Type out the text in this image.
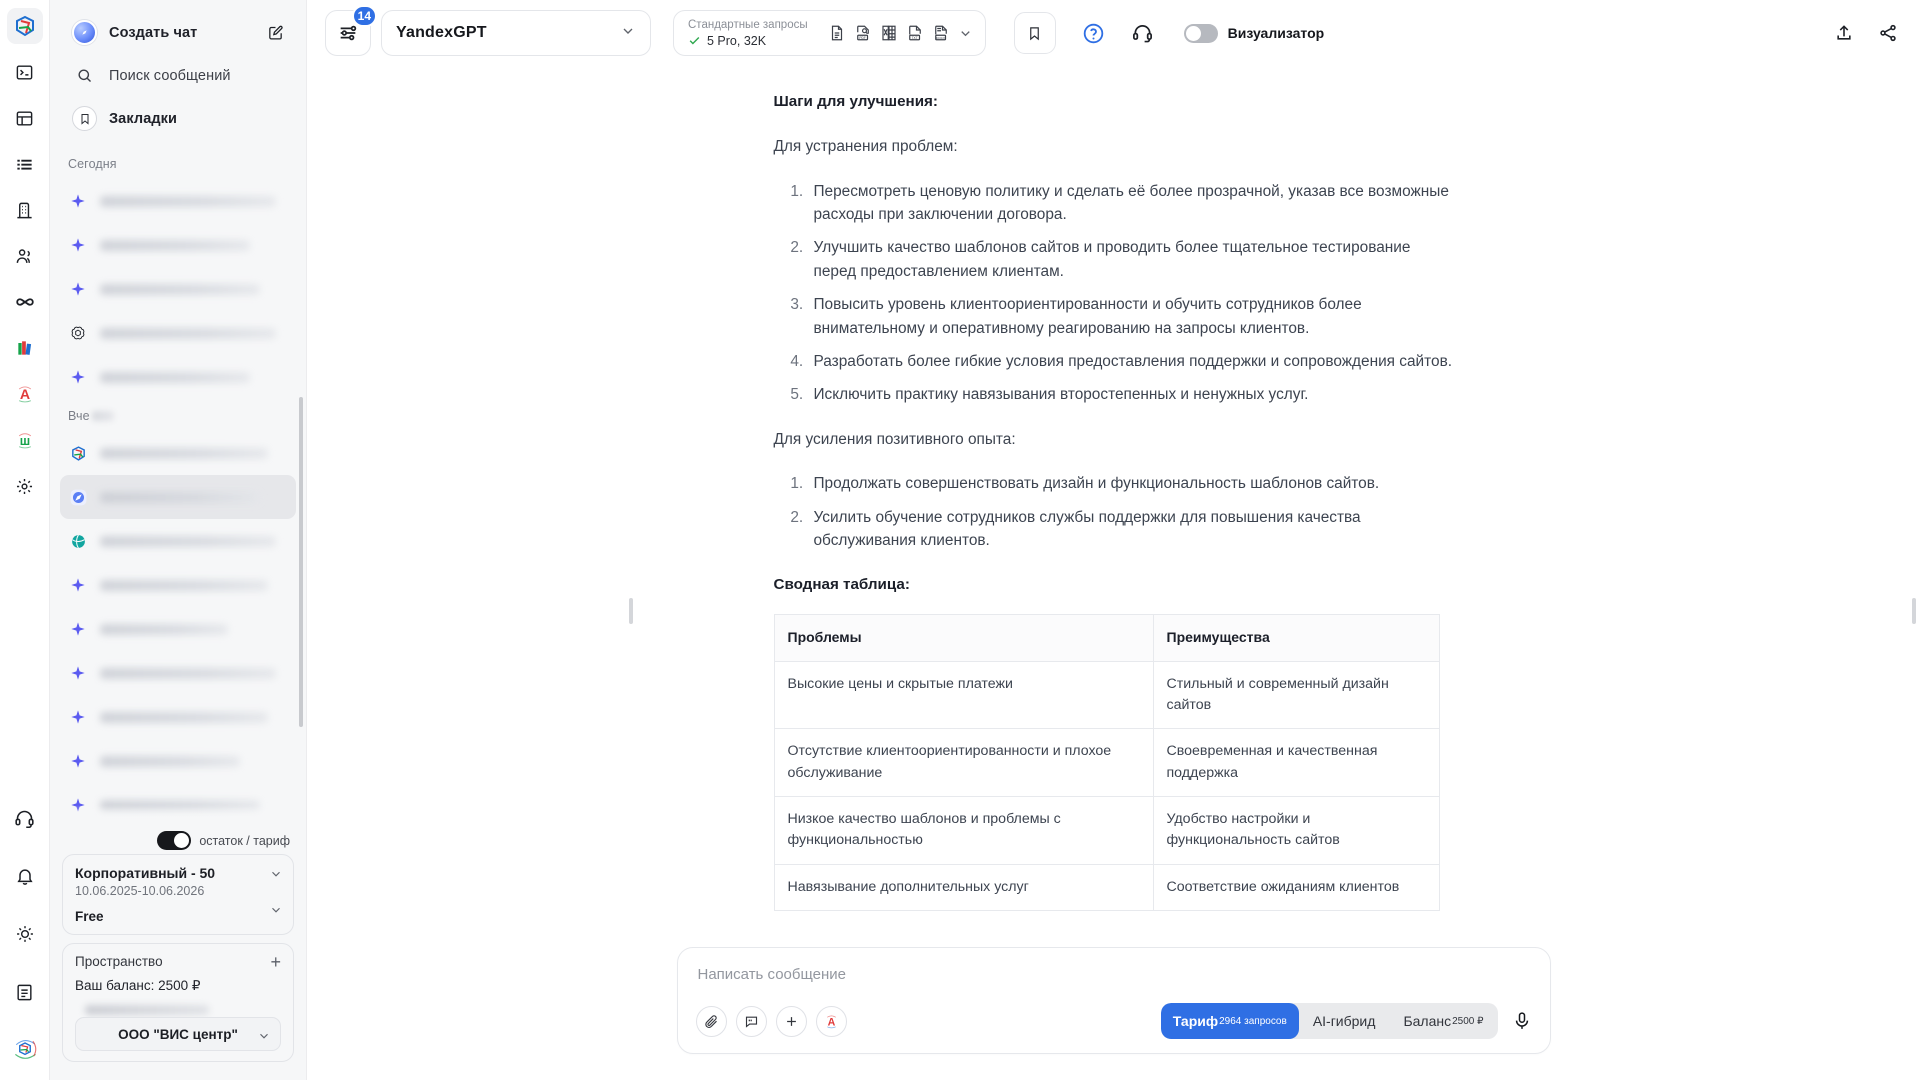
A
ш
Создать чат
Поиск сообщений
Закладки
Сегодня
Вче
остаток / тариф
Корпоративный - 50
10.06.2025-10.06.2026
Free
Пространство	+
Ваш баланс: 2500 ₽
ООО "ВИС центр"
14
YandexGPT	Стандартные запросы
5 Pro, 32K	PDF	TXT	DOCX	Визуализатор
Шаги для улучшения:

Для устранения проблем:

1. Пересмотреть ценовую политику и сделать её более прозрачной, указав все возможные расходы при заключении договора.
2. Улучшить качество шаблонов сайтов и проводить более тщательное тестирование перед предоставлением клиентам.
3. Повысить уровень клиентоориентированности и обучить сотрудников более внимательному и оперативному реагированию на запросы клиентов.
4. Разработать более гибкие условия предоставления поддержки и сопровождения сайтов.
5. Исключить практику навязывания второстепенных и ненужных услуг.

Для усиления позитивного опыта:

1. Продолжать совершенствовать дизайн и функциональность шаблонов сайтов.
2. Усилить обучение сотрудников службы поддержки для повышения качества обслуживания клиентов.
Сводная таблица:
Проблемы	Преимущества
Высокие цены и скрытые платежи	Стильный и современный дизайн сайтов
Отсутствие клиентоориентированности и плохое обслуживание	Своевременная и качественная поддержка
Низкое качество шаблонов и проблемы с функциональностью	Удобство настройки и функциональность сайтов
Навязывание дополнительных услуг	Соответствие ожиданиям клиентов
Написать сообщение
A	Тариф 2964 запросов AI-гибрид Баланс 2500 ₽
